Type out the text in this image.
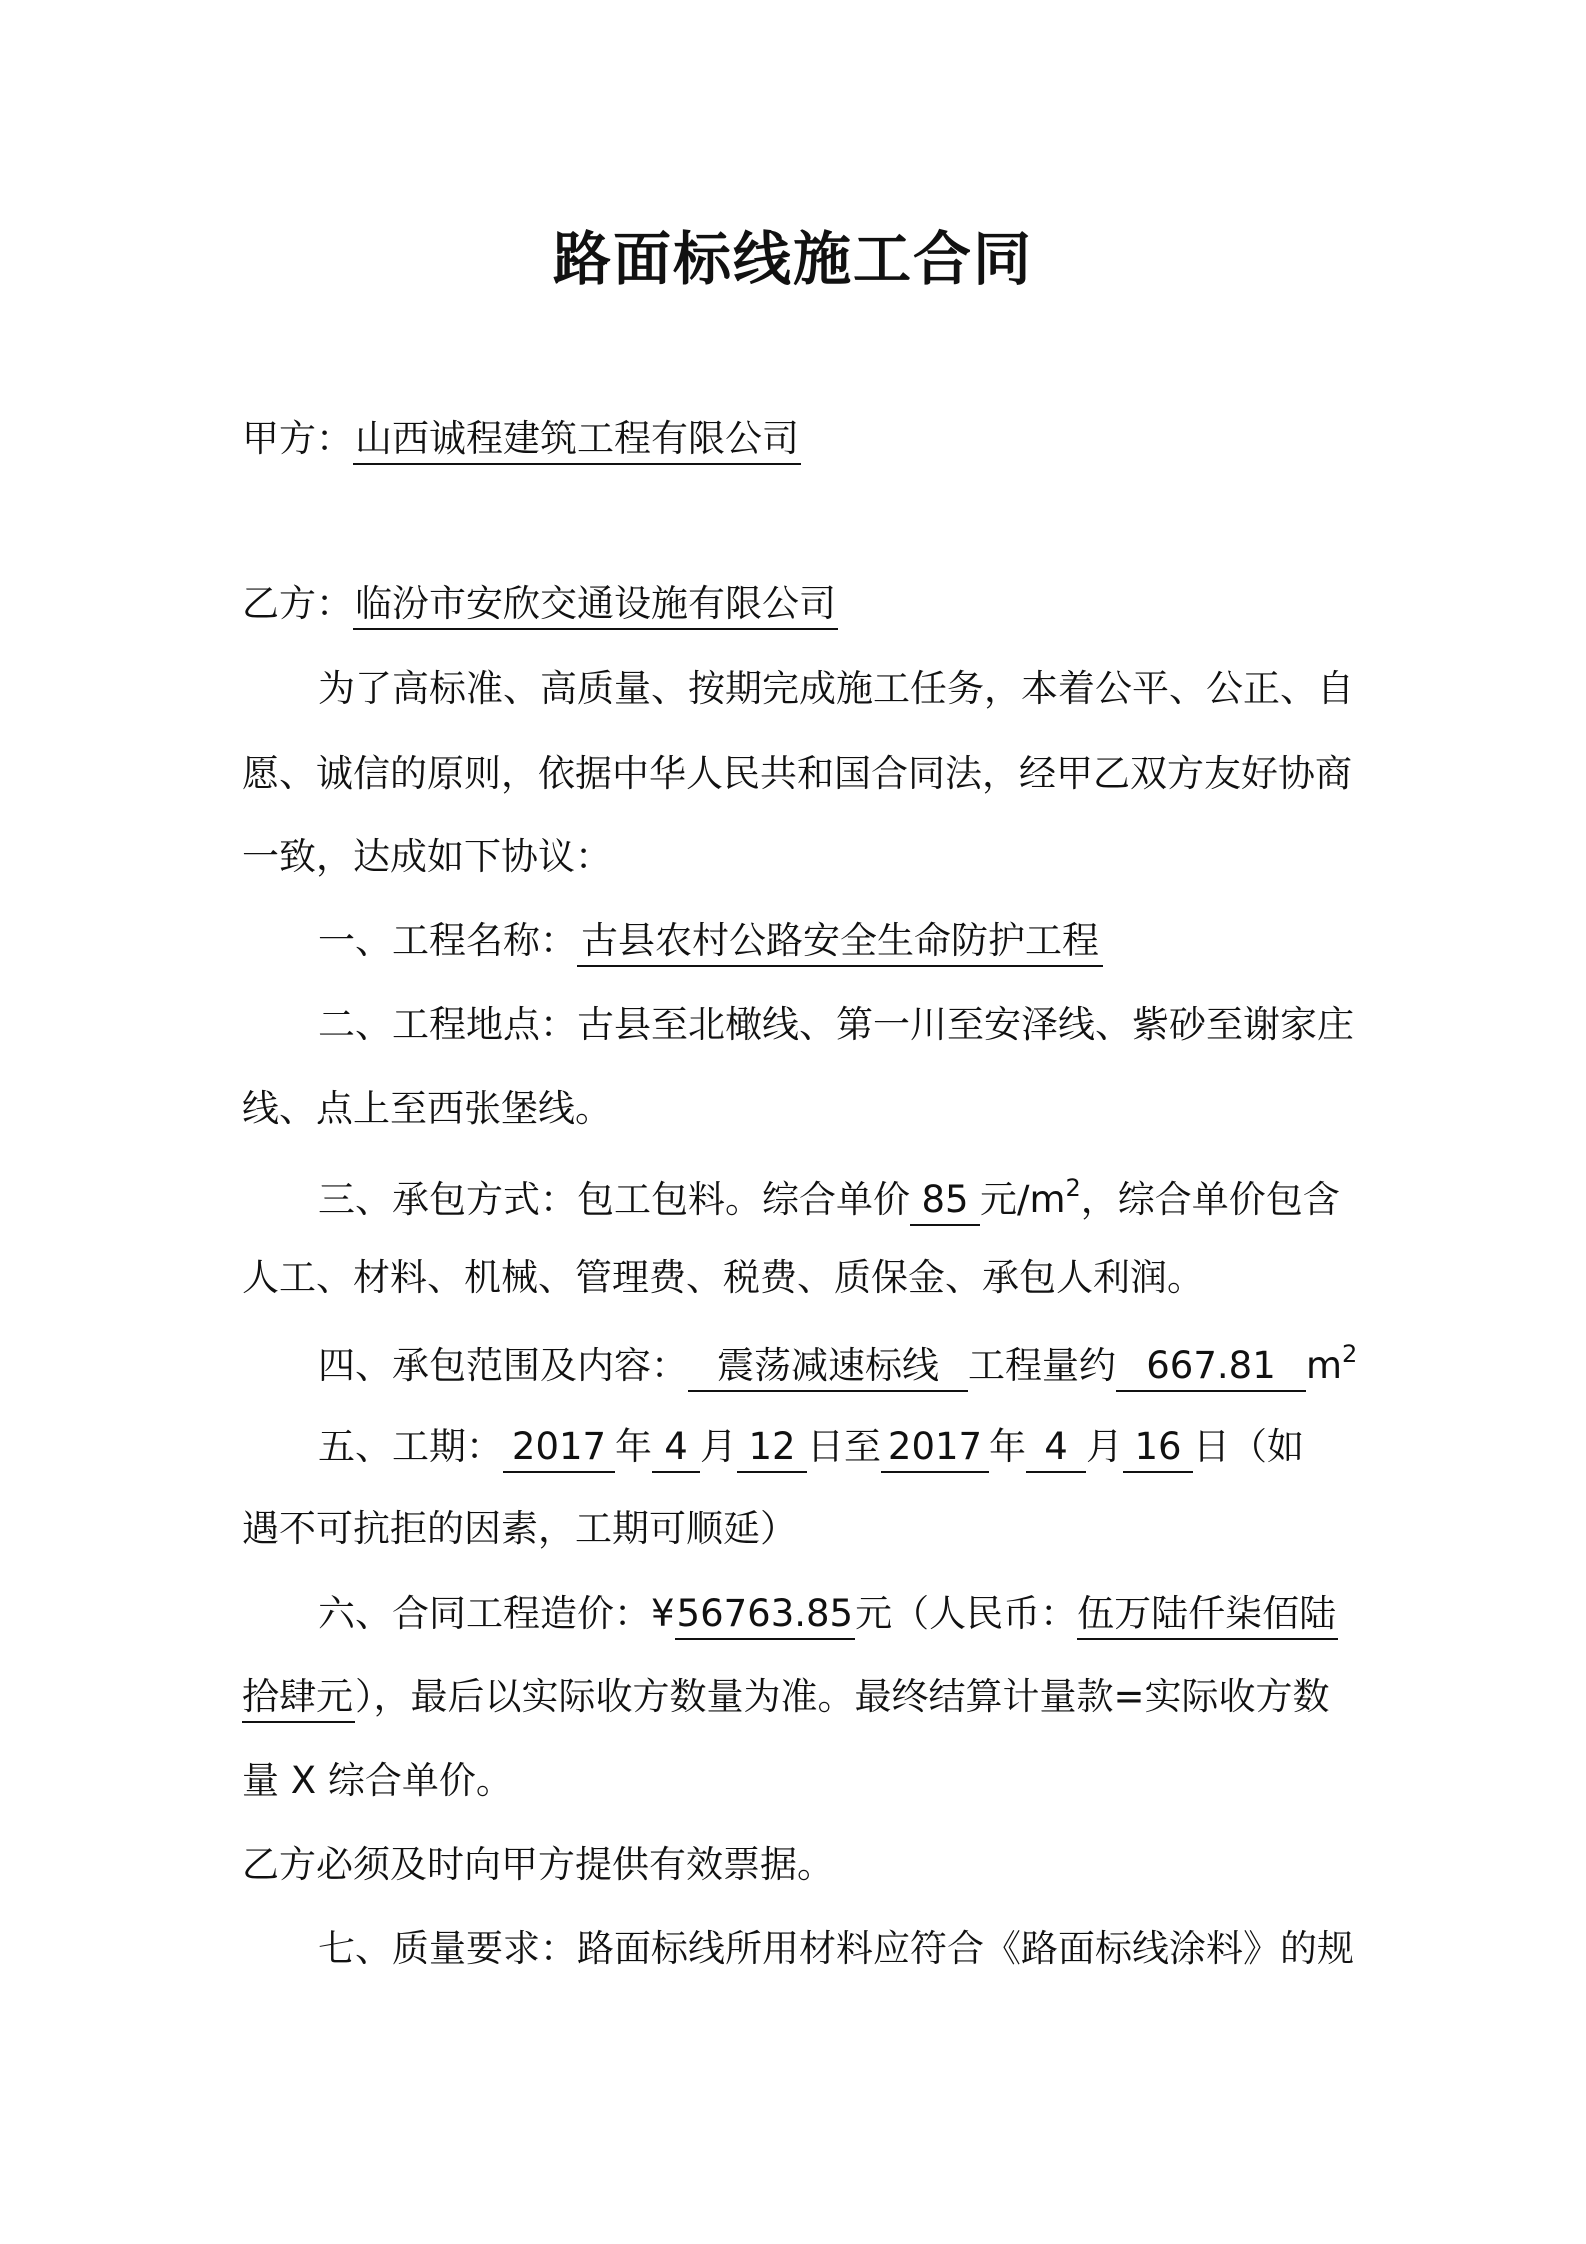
路面标线施工合同
甲方：山西诚程建筑工程有限公司
乙方：临汾市安欣交通设施有限公司
为了高标准、高质量、按期完成施工任务，本着公平、公正、自
愿、诚信的原则，依据中华人民共和国合同法，经甲乙双方友好协商
一致，达成如下协议：
一、工程名称： 古县农村公路安全生命防护工程
二、工程地点：古县至北橄线、第一川至安泽线、紫砂至谢家庄
线、点上至西张堡线。
三、承包方式：包工包料。综合单价 85 元$/m^2$，综合单价包含
人工、材料、机械、管理费、税费、质保金、承包人利润。
四、承包范围及内容： 震荡减速标线 工程量约 667.81 $m^2$
五、工期： 2017 年 4 月 12 日至 2017 年 4 月 16 日（如
遇不可抗拒的因素，工期可顺延）
六、合同工程造价：¥56763.85元（人民币：伍万陆仟柒佰陆
拾肆元），最后以实际收方数量为准。最终结算计量款=实际收方数
量 X 综合单价。
乙方必须及时向甲方提供有效票据。
七、质量要求：路面标线所用材料应符合《路面标线涂料》的规
